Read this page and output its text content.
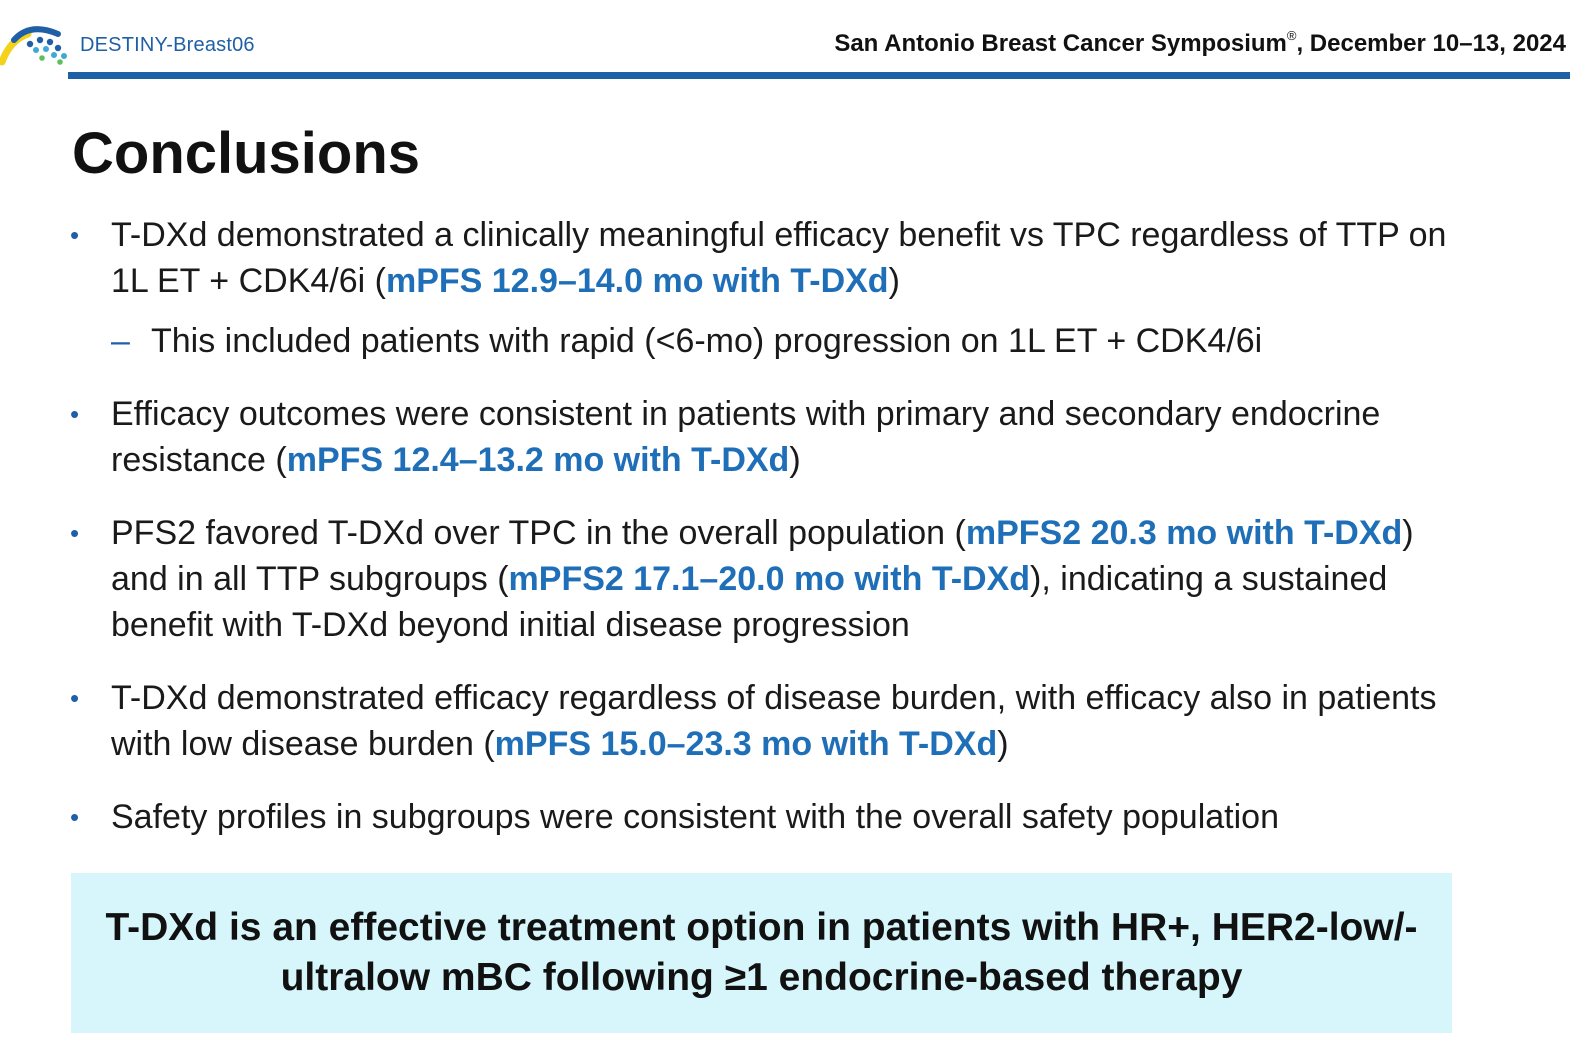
DESTINY-Breast06	San Antonio Breast Cancer Symposium®, December 10–13, 2024
Conclusions
• T-DXd demonstrated a clinically meaningful efficacy benefit vs TPC regardless of TTP on 1L ET + CDK4/6i (mPFS 12.9–14.0 mo with T-DXd)
– This included patients with rapid (<6-mo) progression on 1L ET + CDK4/6i
• Efficacy outcomes were consistent in patients with primary and secondary endocrine resistance (mPFS 12.4–13.2 mo with T-DXd)
• PFS2 favored T-DXd over TPC in the overall population (mPFS2 20.3 mo with T-DXd) and in all TTP subgroups (mPFS2 17.1–20.0 mo with T-DXd), indicating a sustained benefit with T-DXd beyond initial disease progression
• T-DXd demonstrated efficacy regardless of disease burden, with efficacy also in patients with low disease burden (mPFS 15.0–23.3 mo with T-DXd)
• Safety profiles in subgroups were consistent with the overall safety population
T-DXd is an effective treatment option in patients with HR+, HER2-low/-ultralow mBC following ≥1 endocrine-based therapy
